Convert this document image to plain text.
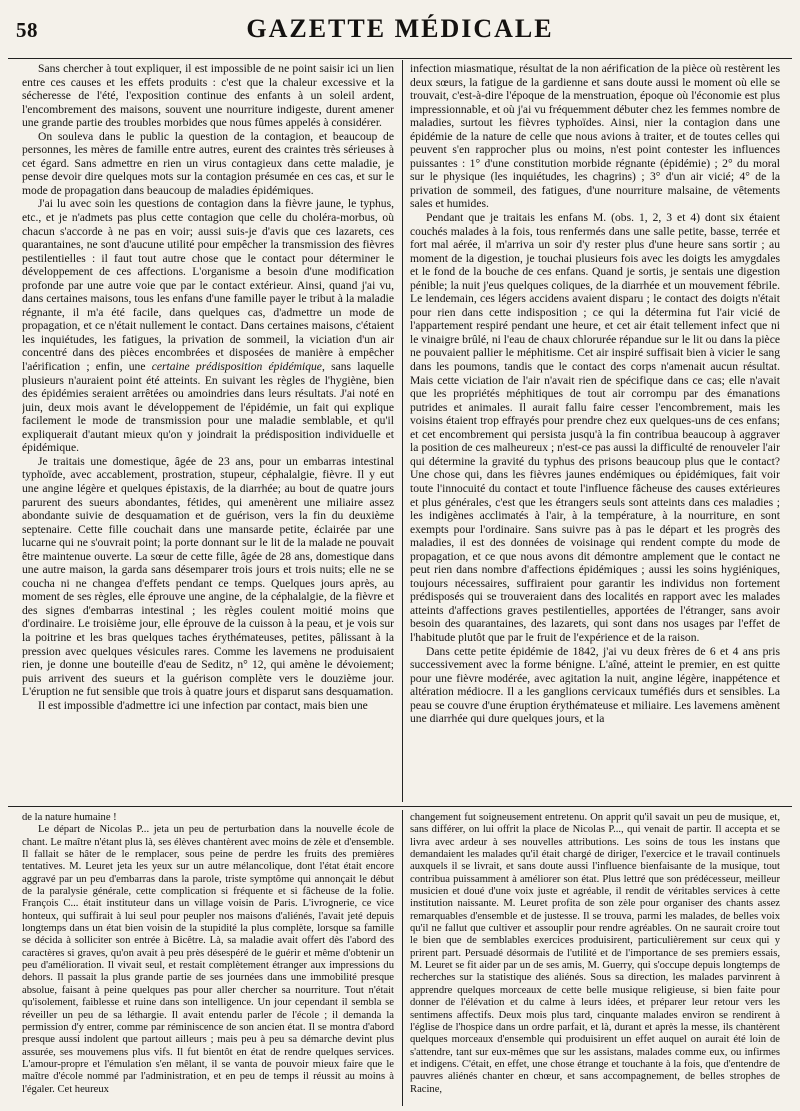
58	GAZETTE MÉDICALE

Sans chercher à tout expliquer, il est impossible de ne point saisir ici un lien entre ces causes et les effets produits : c'est que la chaleur excessive et la sécheresse de l'été, l'exposition continue des enfants à un soleil ardent, l'encombrement des maisons, souvent une nourriture indigeste, durent amener une grande partie des troubles morbides que nous fûmes appelés à considérer.

On souleva dans le public la question de la contagion, et beaucoup de personnes, les mères de famille entre autres, eurent des craintes très sérieuses à cet égard. Sans admettre en rien un virus contagieux dans cette maladie, je pense devoir dire quelques mots sur la contagion présumée en ces cas, et sur le mode de propagation dans beaucoup de maladies épidémiques.

J'ai lu avec soin les questions de contagion dans la fièvre jaune, le typhus, etc., et je n'admets pas plus cette contagion que celle du choléra-morbus, où chacun s'accorde à ne pas en voir; aussi suis-je d'avis que ces lazarets, ces quarantaines, ne sont d'aucune utilité pour empêcher la transmission des fièvres pestilentielles : il faut tout autre chose que le contact pour déterminer le développement de ces affections. L'organisme a besoin d'une modification profonde par une autre voie que par le contact extérieur. Ainsi, quand j'ai vu, dans certaines maisons, tous les enfans d'une famille payer le tribut à la maladie régnante, il m'a été facile, dans quelques cas, d'admettre un mode de propagation, et ce n'était nullement le contact. Dans certaines maisons, c'étaient les inquiétudes, les fatigues, la privation de sommeil, la viciation d'un air concentré dans des pièces encombrées et disposées de manière à empêcher l'aérification ; enfin, une certaine prédisposition épidémique, sans laquelle plusieurs n'auraient point été atteints. En suivant les règles de l'hygiène, bien des épidémies seraient arrêtées ou amoindries dans leurs résultats. J'ai noté en juin, deux mois avant le développement de l'épidémie, un fait qui explique facilement le mode de transmission pour une maladie semblable, et qu'il expliquerait d'autant mieux qu'on y joindrait la prédisposition individuelle et épidémique.

Je traitais une domestique, âgée de 23 ans, pour un embarras intestinal typhoïde, avec accablement, prostration, stupeur, céphalalgie, fièvre. Il y eut une angine légère et quelques épistaxis, de la diarrhée; au bout de quatre jours parurent des sueurs abondantes, fétides, qui amenèrent une miliaire assez abondante suivie de desquamation et de guérison, vers la fin du deuxième septenaire. Cette fille couchait dans une mansarde petite, éclairée par une lucarne qui ne s'ouvrait point; la porte donnant sur le lit de la malade ne pouvait être maintenue ouverte. La sœur de cette fille, âgée de 28 ans, domestique dans une autre maison, la garda sans désemparer trois jours et trois nuits; elle ne se coucha ni ne changea d'effets pendant ce temps. Quelques jours après, au moment de ses règles, elle éprouve une angine, de la céphalalgie, de la fièvre et des signes d'embarras intestinal ; les règles coulent moitié moins que d'ordinaire. Le troisième jour, elle éprouve de la cuisson à la peau, et je vois sur la poitrine et les bras quelques taches érythémateuses, petites, pâlissant à la pression avec quelques vésicules rares. Comme les lavemens ne produisaient rien, je donne une bouteille d'eau de Seditz, n° 12, qui amène le dévoiement; puis arrivent des sueurs et la guérison complète vers le douzième jour. L'éruption ne fut sensible que trois à quatre jours et disparut sans desquamation.

Il est impossible d'admettre ici une infection par contact, mais bien une

infection miasmatique, résultat de la non aérification de la pièce où restèrent les deux sœurs, la fatigue de la gardienne et sans doute aussi le moment où elle se trouvait, c'est-à-dire l'époque de la menstruation, époque où l'économie est plus impressionnable, et où j'ai vu fréquemment débuter chez les femmes nombre de maladies, surtout les fièvres typhoïdes. Ainsi, nier la contagion dans une épidémie de la nature de celle que nous avions à traiter, et de toutes celles qui peuvent s'en rapprocher plus ou moins, n'est point contester les influences puissantes : 1° d'une constitution morbide régnante (épidémie) ; 2° du moral sur le physique (les inquiétudes, les chagrins) ; 3° d'un air vicié; 4° de la privation de sommeil, des fatigues, d'une nourriture malsaine, de vêtements sales et humides.

Pendant que je traitais les enfans M. (obs. 1, 2, 3 et 4) dont six étaient couchés malades à la fois, tous renfermés dans une salle petite, basse, terrée et fort mal aérée, il m'arriva un soir d'y rester plus d'une heure sans sortir ; au moment de la digestion, je touchai plusieurs fois avec les doigts les amygdales et le fond de la bouche de ces enfans. Quand je sortis, je sentais une digestion pénible; la nuit j'eus quelques coliques, de la diarrhée et un mouvement fébrile. Le lendemain, ces légers accidens avaient disparu ; le contact des doigts n'était pour rien dans cette indisposition ; ce qui la détermina fut l'air vicié de l'appartement respiré pendant une heure, et cet air était tellement infect que ni le vinaigre brûlé, ni l'eau de chaux chlorurée répandue sur le lit ou dans la pièce ne pouvaient pallier le méphitisme. Cet air inspiré suffisait bien à vicier le sang dans les poumons, tandis que le contact des corps n'amenait aucun résultat. Mais cette viciation de l'air n'avait rien de spécifique dans ce cas; elle n'avait que les propriétés méphitiques de tout air corrompu par des émanations putrides et animales. Il aurait fallu faire cesser l'encombrement, mais les voisins étaient trop effrayés pour prendre chez eux quelques-uns de ces enfans; et cet encombrement qui persista jusqu'à la fin contribua beaucoup à aggraver la position de ces malheureux ; n'est-ce pas aussi la difficulté de renouveler l'air qui détermine la gravité du typhus des prisons beaucoup plus que le contact? Une chose qui, dans les fièvres jaunes endémiques ou épidémiques, fait voir toute l'innocuité du contact et toute l'influence fâcheuse des causes extérieures et plus générales, c'est que les étrangers seuls sont atteints dans ces maladies ; les indigènes acclimatés à l'air, à la température, à la nourriture, en sont exempts pour l'ordinaire. Sans suivre pas à pas le départ et les progrès des maladies, il est des données de voisinage qui rendent compte du mode de propagation, et ce que nous avons dit démontre amplement que le contact ne peut rien dans nombre d'affections épidémiques ; aussi les soins hygiéniques, toujours nécessaires, suffiraient pour garantir les individus non fortement prédisposés qui se trouveraient dans des localités en rapport avec les malades atteints d'affections graves pestilentielles, apportées de l'étranger, sans avoir besoin des quarantaines, des lazarets, qui sont dans nos usages par l'effet de l'habitude plutôt que par le fruit de l'expérience et de la raison.

Dans cette petite épidémie de 1842, j'ai vu deux frères de 6 et 4 ans pris successivement avec la forme bénigne. L'aîné, atteint le premier, en est quitte pour une fièvre modérée, avec agitation la nuit, angine légère, inappétence et altération médiocre. Il a les ganglions cervicaux tuméfiés durs et sensibles. La peau se couvre d'une éruption érythémateuse et miliaire. Les lavemens amènent une diarrhée qui dure quelques jours, et la

de la nature humaine !

Le départ de Nicolas P... jeta un peu de perturbation dans la nouvelle école de chant. Le maître n'étant plus là, ses élèves chantèrent avec moins de zèle et d'ensemble. Il fallait se hâter de le remplacer, sous peine de perdre les fruits des premières tentatives. M. Leuret jeta les yeux sur un autre mélancolique, dont l'état était encore aggravé par un peu d'embarras dans la parole, triste symptôme qui annonçait le début de la paralysie générale, cette complication si fréquente et si fâcheuse de la folie. François C... était instituteur dans un village voisin de Paris. L'ivrognerie, ce vice honteux, qui suffirait à lui seul pour peupler nos maisons d'aliénés, l'avait jeté depuis longtemps dans un état bien voisin de la stupidité la plus complète, lorsque sa famille se décida à solliciter son entrée à Bicêtre. Là, sa maladie avait offert dès l'abord des caractères si graves, qu'on avait à peu près désespéré de le guérir et même d'obtenir un peu d'amélioration. Il vivait seul, et restait complètement étranger aux impressions du dehors. Il passait la plus grande partie de ses journées dans une immobilité presque absolue, faisant à peine quelques pas pour aller chercher sa nourriture. Tout n'était qu'isolement, faiblesse et ruine dans son intelligence. Un jour cependant il sembla se réveiller un peu de sa léthargie. Il avait entendu parler de l'école ; il demanda la permission d'y entrer, comme par réminiscence de son ancien état. Il se montra d'abord presque aussi indolent que partout ailleurs ; mais peu à peu sa démarche devint plus assurée, ses mouvemens plus vifs. Il fut bientôt en état de rendre quelques services. L'amour-propre et l'émulation s'en mêlant, il se vanta de pouvoir mieux faire que le maître d'école nommé par l'administration, et en peu de temps il réussit au moins à l'égaler. Cet heureux

changement fut soigneusement entretenu. On apprit qu'il savait un peu de musique, et, sans différer, on lui offrit la place de Nicolas P..., qui venait de partir. Il accepta et se livra avec ardeur à ses nouvelles attributions. Les soins de tous les instans que demandaient les malades qu'il était chargé de diriger, l'exercice et le travail continuels auxquels il se livrait, et sans doute aussi l'influence bienfaisante de la musique, tout contribua puissamment à améliorer son état. Plus lettré que son prédécesseur, meilleur musicien et doué d'une voix juste et agréable, il rendit de véritables services à cette institution naissante. M. Leuret profita de son zèle pour organiser des chants assez remarquables d'ensemble et de justesse. Il se trouva, parmi les malades, de belles voix qu'il ne fallut que cultiver et assouplir pour rendre agréables. On ne saurait croire tout le bien que de semblables exercices produisirent, particulièrement sur ceux qui y prirent part. Persuadé désormais de l'utilité et de l'importance de ses premiers essais, M. Leuret se fit aider par un de ses amis, M. Guerry, qui s'occupe depuis longtemps de recherches sur la statistique des aliénés. Sous sa direction, les malades parvinrent à apprendre quelques morceaux de cette belle musique religieuse, si bien faite pour donner de l'élévation et du calme à leurs idées, et préparer leur retour vers les sentimens affectifs. Deux mois plus tard, cinquante malades environ se rendirent à l'église de l'hospice dans un ordre parfait, et là, durant et après la messe, ils chantèrent quelques morceaux d'ensemble qui produisirent un effet auquel on aurait été loin de s'attendre, tant sur eux-mêmes que sur les assistans, malades comme eux, ou infirmes et indigens. C'était, en effet, une chose étrange et touchante à la fois, que d'entendre de pauvres aliénés chanter en chœur, et sans accompagnement, de belles strophes de Racine,
